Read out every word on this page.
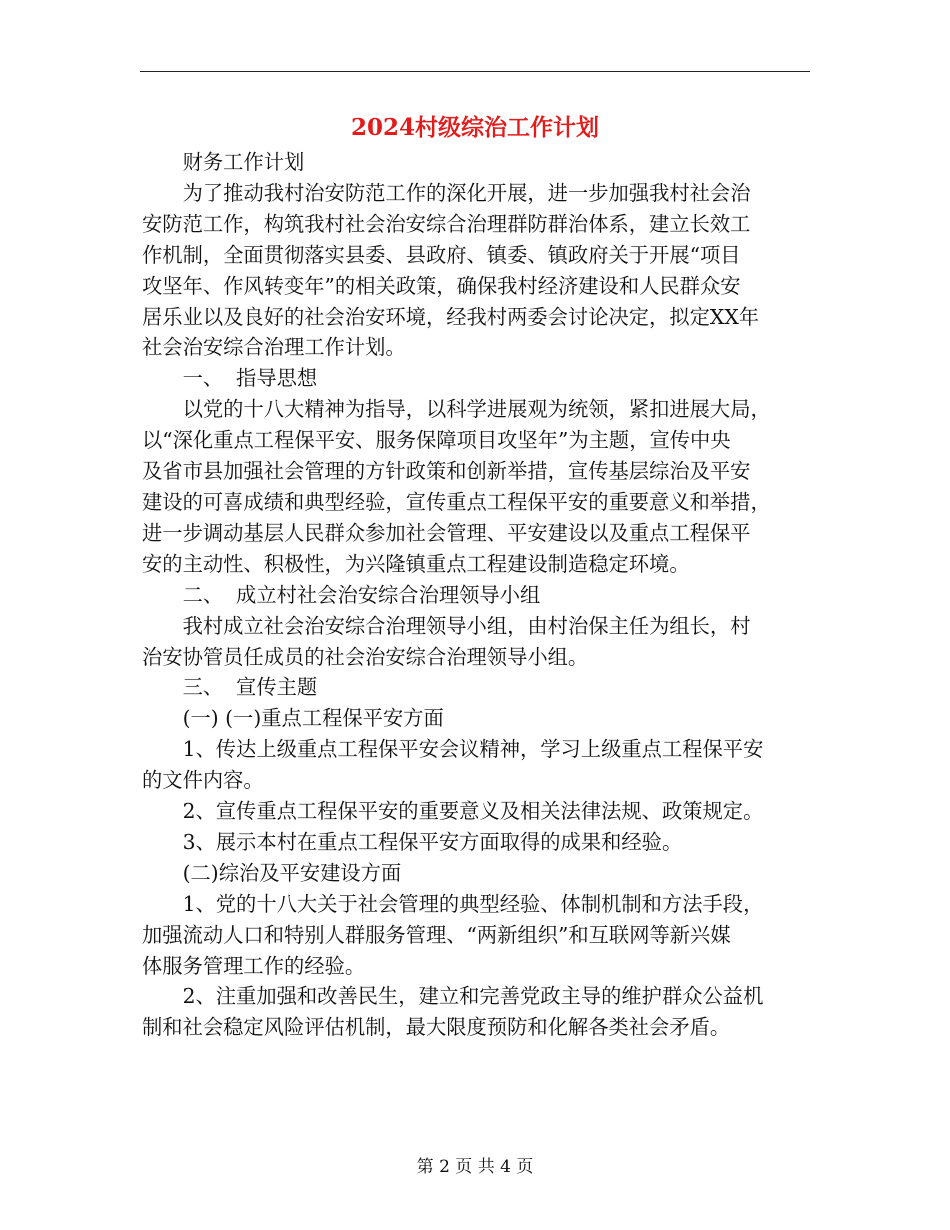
2024村级综治工作计划

财务工作计划

为了推动我村治安防范工作的深化开展，进一步加强我村社会治

安防范工作，构筑我村社会治安综合治理群防群治体系，建立长效工

作机制，全面贯彻落实县委、县政府、镇委、镇政府关于开展“项目

攻坚年、作风转变年”的相关政策，确保我村经济建设和人民群众安

居乐业以及良好的社会治安环境，经我村两委会讨论决定，拟定XX年

社会治安综合治理工作计划。

一、  指导思想

以党的十八大精神为指导，以科学进展观为统领，紧扣进展大局，

以“深化重点工程保平安、服务保障项目攻坚年”为主题，宣传中央

及省市县加强社会管理的方针政策和创新举措，宣传基层综治及平安

建设的可喜成绩和典型经验，宣传重点工程保平安的重要意义和举措，

进一步调动基层人民群众参加社会管理、平安建设以及重点工程保平

安的主动性、积极性，为兴隆镇重点工程建设制造稳定环境。

二、  成立村社会治安综合治理领导小组

我村成立社会治安综合治理领导小组，由村治保主任为组长，村

治安协管员任成员的社会治安综合治理领导小组。

三、  宣传主题

(一) (一)重点工程保平安方面

1、传达上级重点工程保平安会议精神，学习上级重点工程保平安

的文件内容。

2、宣传重点工程保平安的重要意义及相关法律法规、政策规定。

3、展示本村在重点工程保平安方面取得的成果和经验。

(二)综治及平安建设方面

1、党的十八大关于社会管理的典型经验、体制机制和方法手段，

加强流动人口和特别人群服务管理、“两新组织”和互联网等新兴媒

体服务管理工作的经验。

2、注重加强和改善民生，建立和完善党政主导的维护群众公益机

制和社会稳定风险评估机制，最大限度预防和化解各类社会矛盾。

第 2 页 共 4 页
